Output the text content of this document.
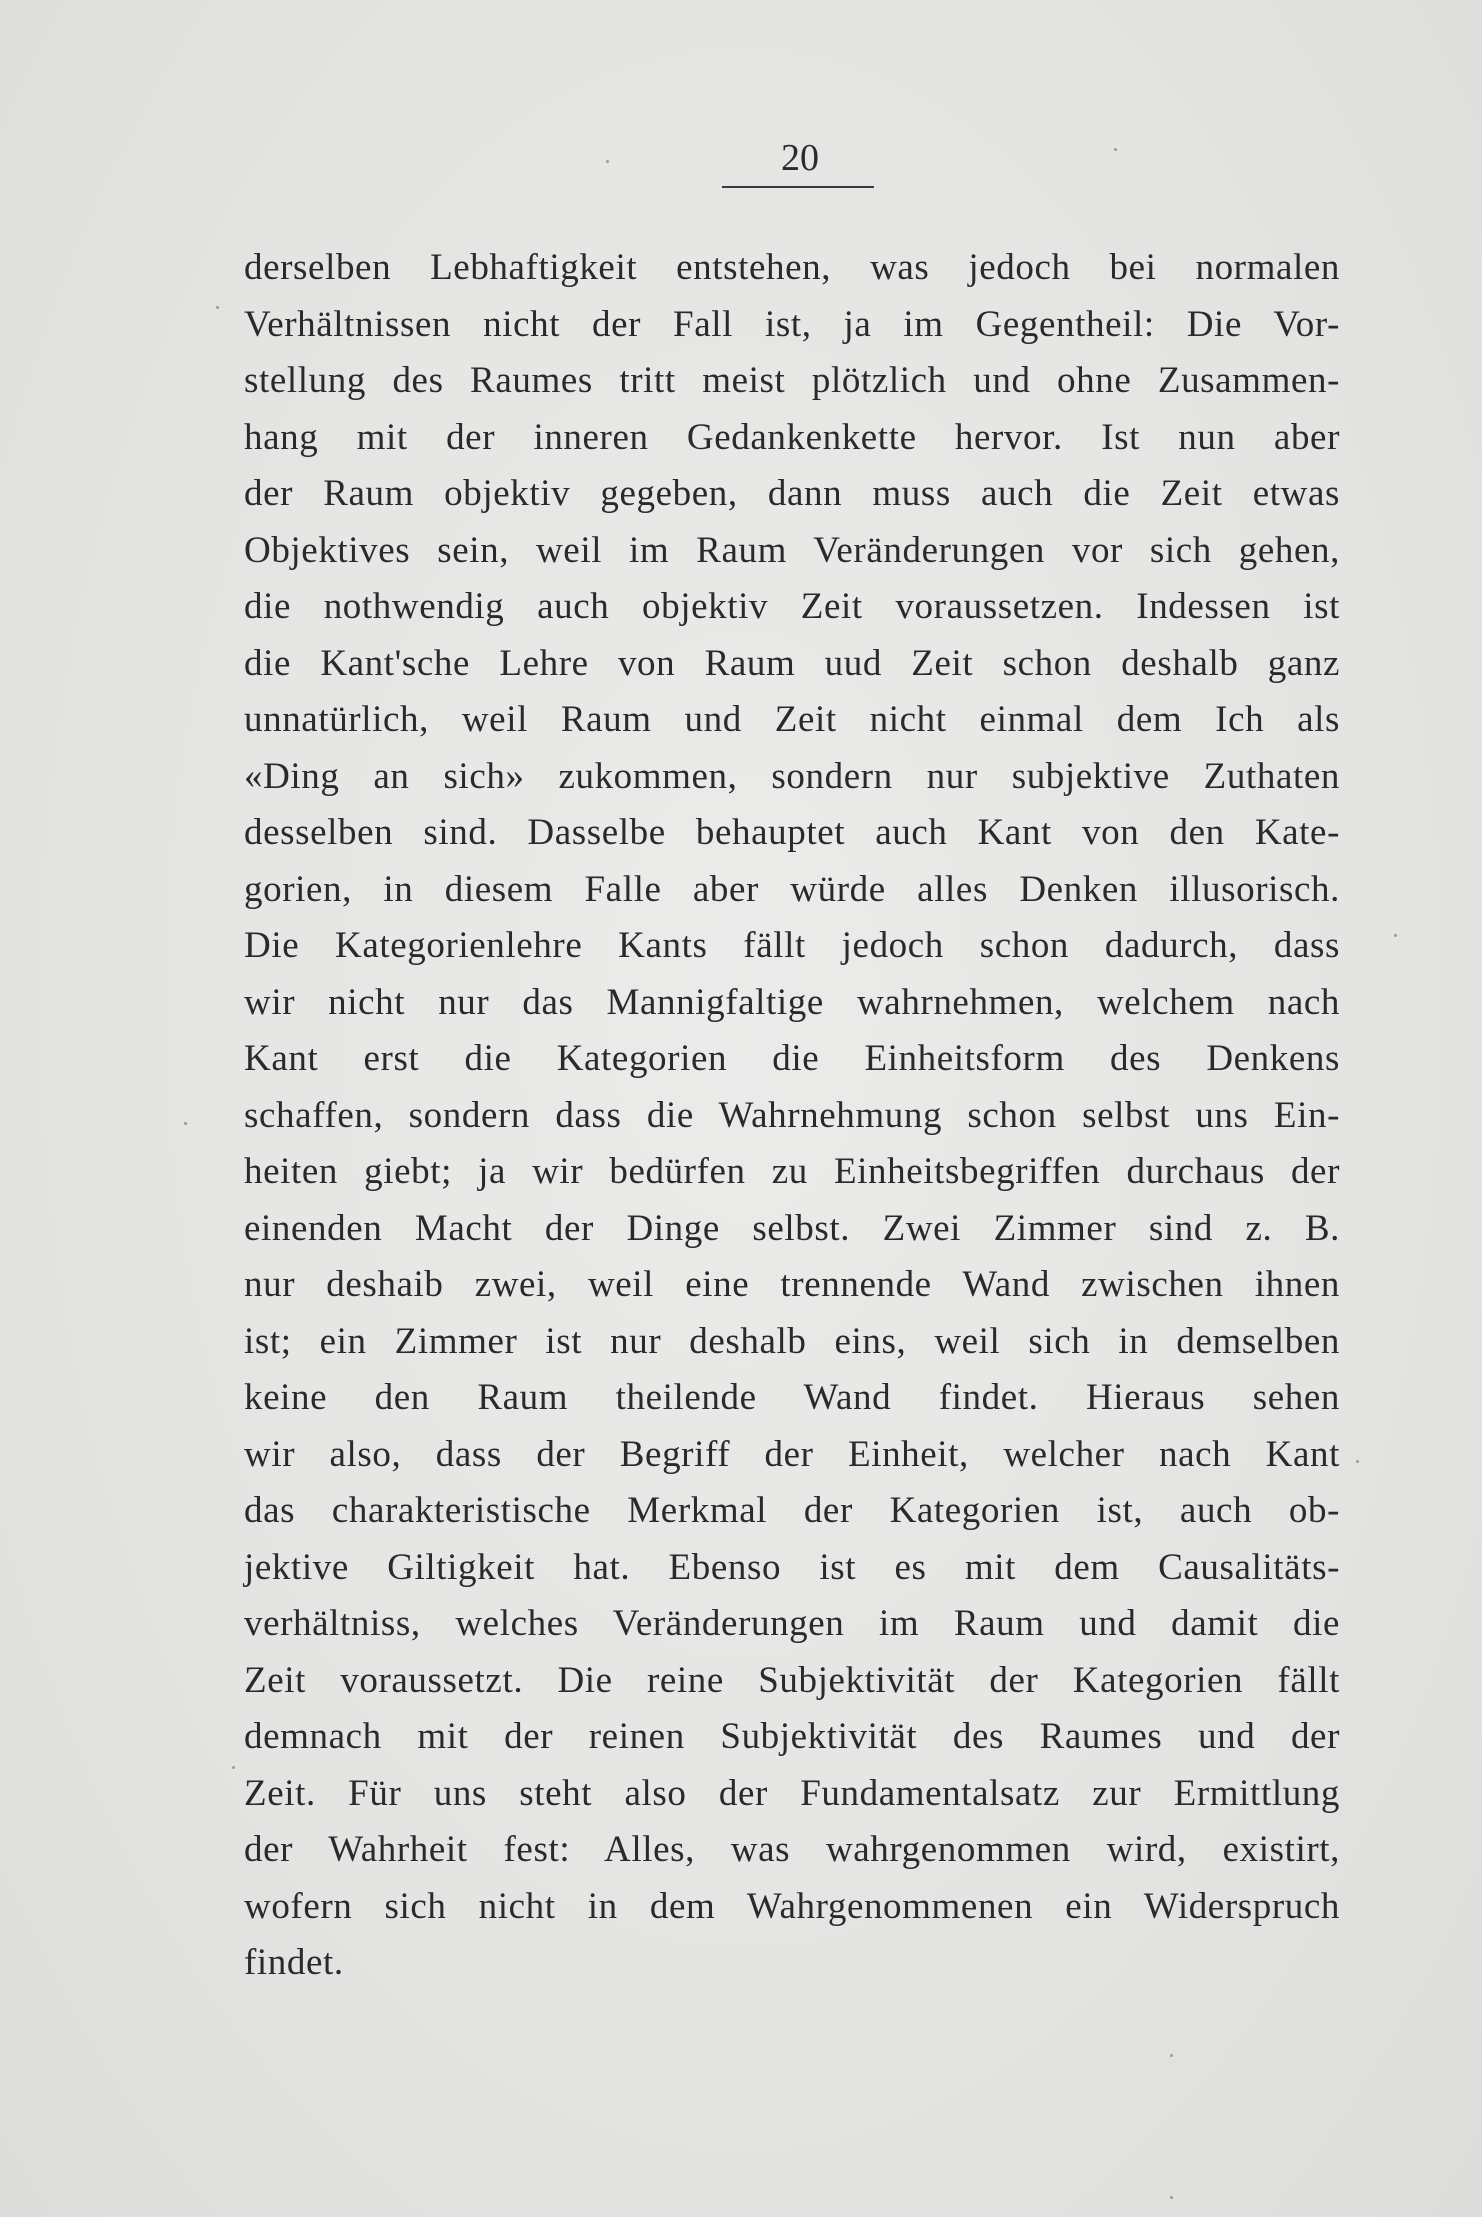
20
derselben Lebhaftigkeit entstehen, was jedoch bei normalen
Verhältnissen nicht der Fall ist, ja im Gegentheil: Die Vor-
stellung des Raumes tritt meist plötzlich und ohne Zusammen-
hang mit der inneren Gedankenkette hervor. Ist nun aber
der Raum objektiv gegeben, dann muss auch die Zeit etwas
Objektives sein, weil im Raum Veränderungen vor sich gehen,
die nothwendig auch objektiv Zeit voraussetzen. Indessen ist
die Kant'sche Lehre von Raum uud Zeit schon deshalb ganz
unnatürlich, weil Raum und Zeit nicht einmal dem Ich als
«Ding an sich» zukommen, sondern nur subjektive Zuthaten
desselben sind. Dasselbe behauptet auch Kant von den Kate-
gorien, in diesem Falle aber würde alles Denken illusorisch.
Die Kategorienlehre Kants fällt jedoch schon dadurch, dass
wir nicht nur das Mannigfaltige wahrnehmen, welchem nach
Kant erst die Kategorien die Einheitsform des Denkens
schaffen, sondern dass die Wahrnehmung schon selbst uns Ein-
heiten giebt; ja wir bedürfen zu Einheitsbegriffen durchaus der
einenden Macht der Dinge selbst. Zwei Zimmer sind z. B.
nur deshaib zwei, weil eine trennende Wand zwischen ihnen
ist; ein Zimmer ist nur deshalb eins, weil sich in demselben
keine den Raum theilende Wand findet. Hieraus sehen
wir also, dass der Begriff der Einheit, welcher nach Kant
das charakteristische Merkmal der Kategorien ist, auch ob-
jektive Giltigkeit hat. Ebenso ist es mit dem Causalitäts-
verhältniss, welches Veränderungen im Raum und damit die
Zeit voraussetzt. Die reine Subjektivität der Kategorien fällt
demnach mit der reinen Subjektivität des Raumes und der
Zeit. Für uns steht also der Fundamentalsatz zur Ermittlung
der Wahrheit fest: Alles, was wahrgenommen wird, existirt,
wofern sich nicht in dem Wahrgenommenen ein Widerspruch
findet.
